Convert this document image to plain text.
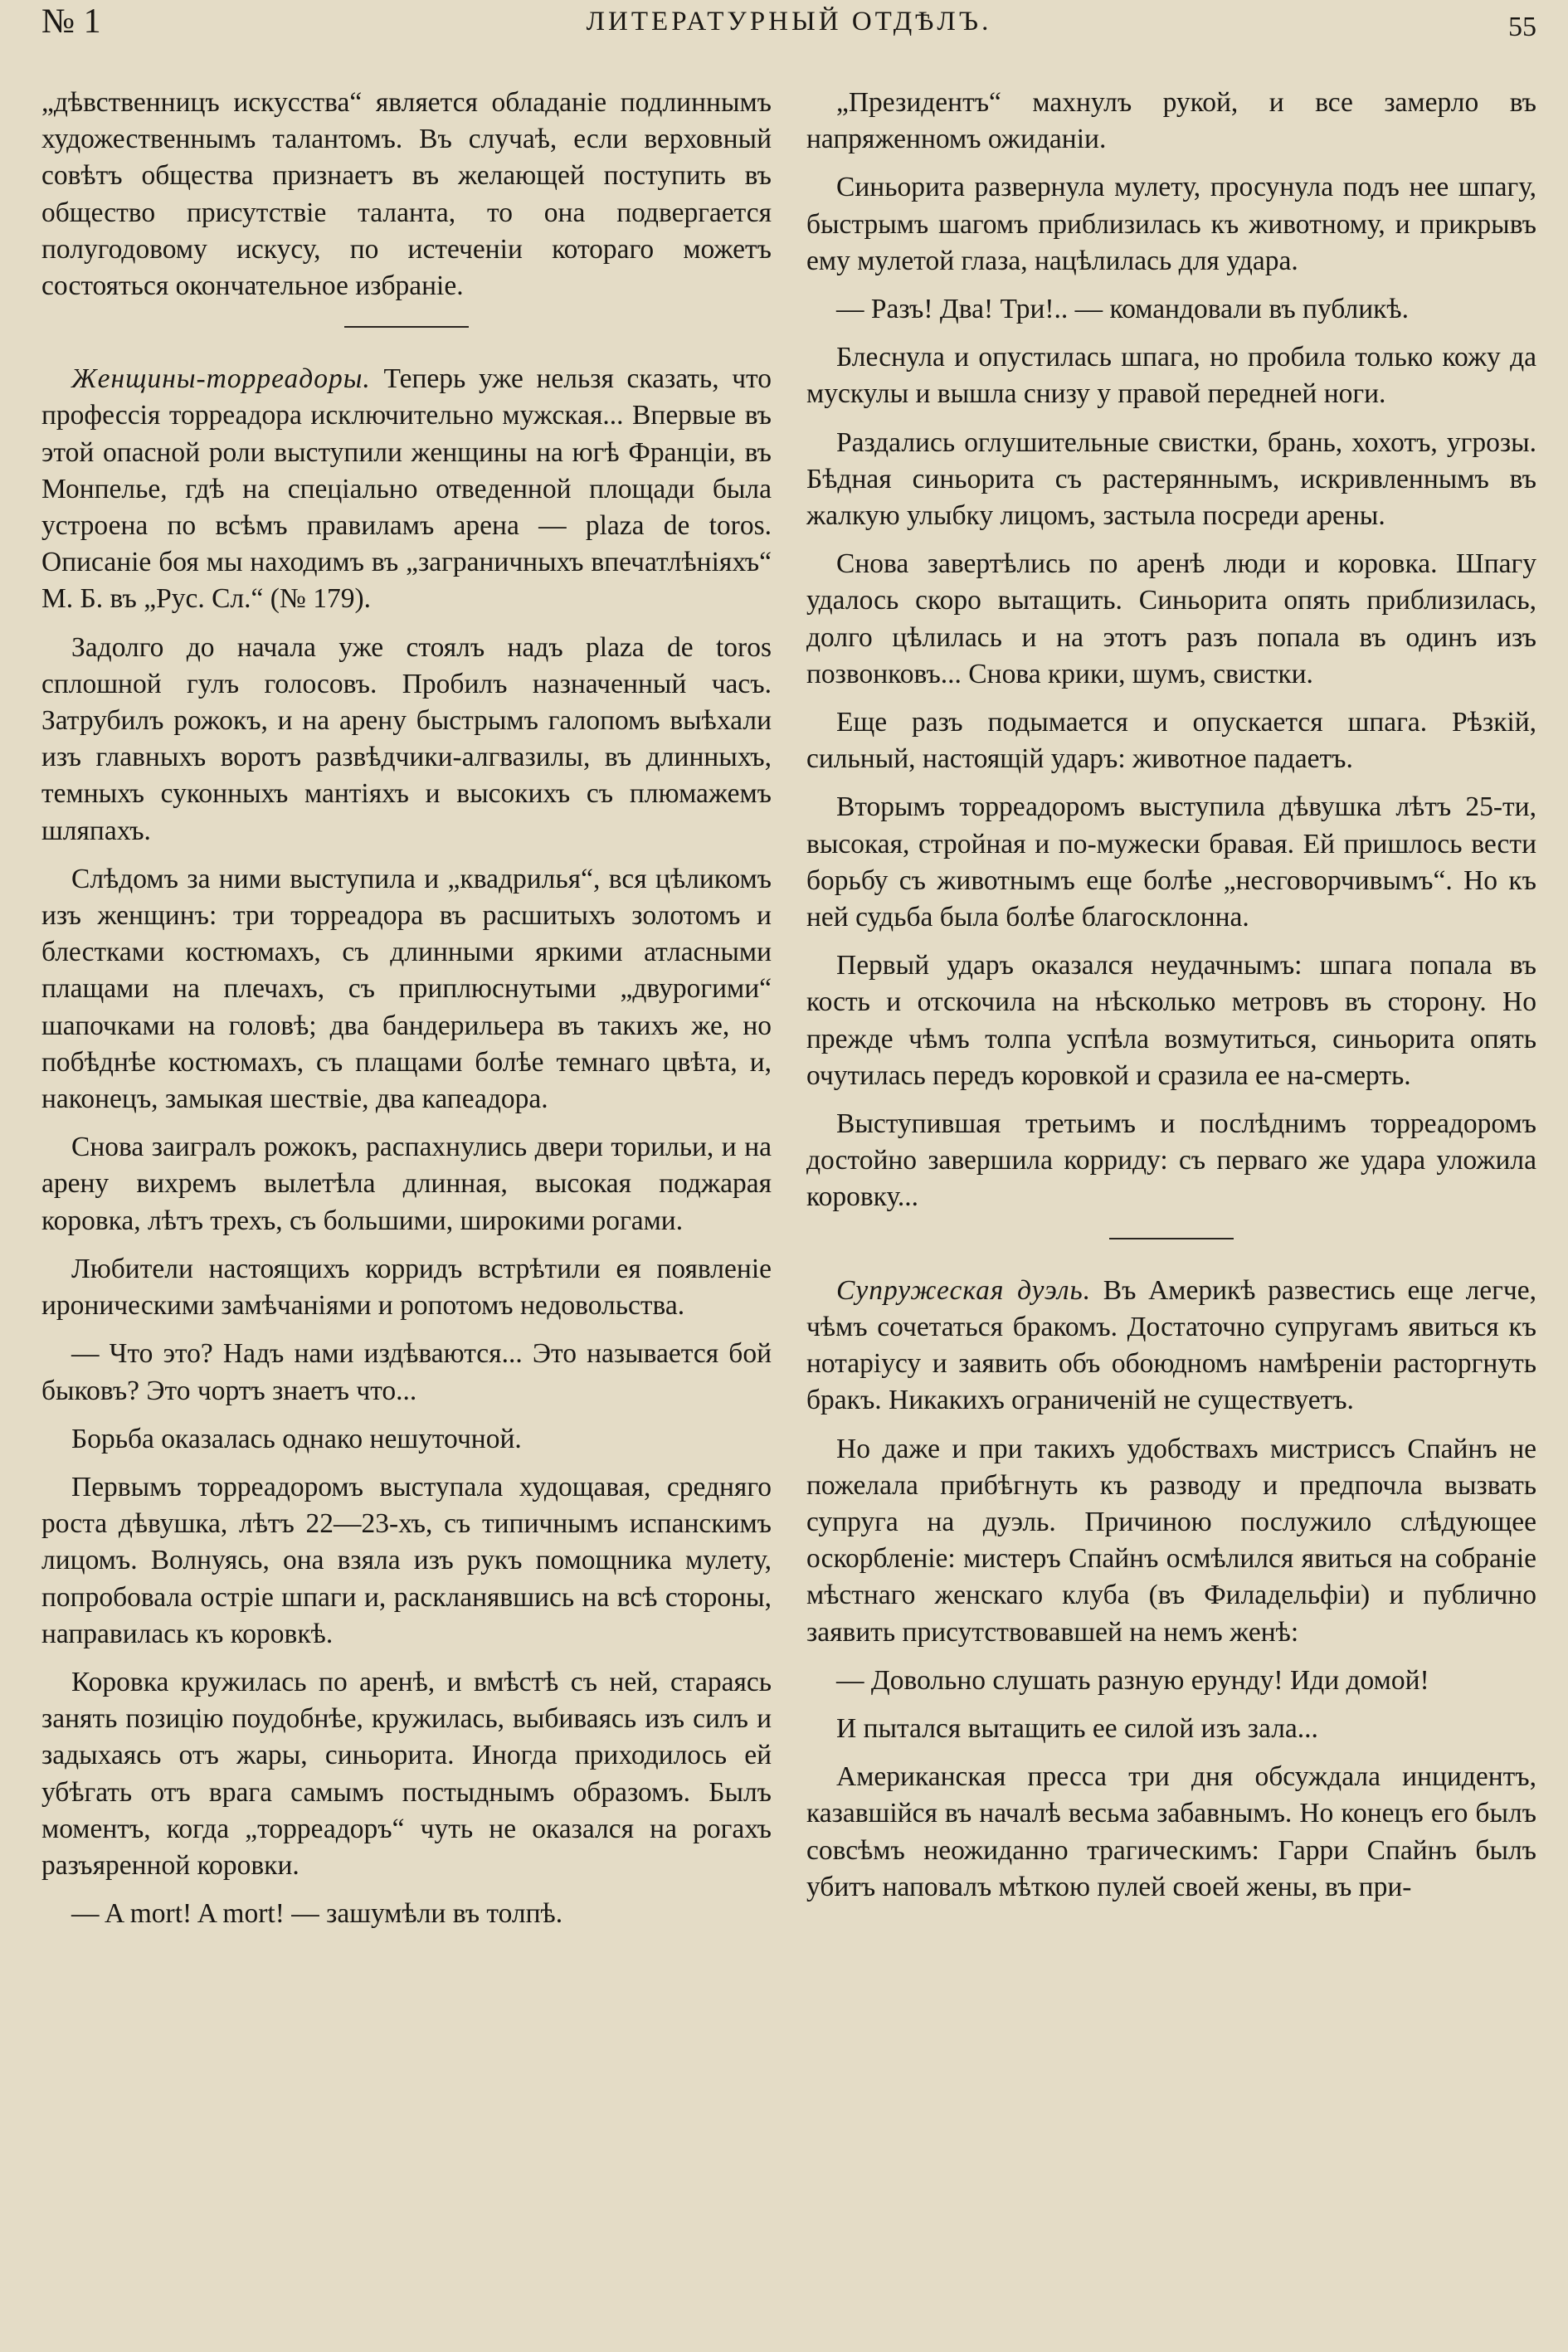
№ 1	ЛИТЕРАТУРНЫЙ ОТДѢЛЪ.	55

„дѣвственницъ искусства“ является обладаніе подлиннымъ художественнымъ талантомъ. Въ случаѣ, если верховный совѣтъ общества признаетъ въ желающей поступить въ общество присутствіе таланта, то она подвергается полугодовому искусу, по истеченіи котораго можетъ состояться окончательное избраніе.

Женщины-торреадоры. Теперь уже нельзя сказать, что профессія торреадора исключительно мужская... Впервые въ этой опасной роли выступили женщины на югѣ Франціи, въ Монпелье, гдѣ на спеціально отведенной площади была устроена по всѣмъ правиламъ арена — plaza de toros. Описаніе боя мы находимъ въ „заграничныхъ впечатлѣніяхъ“ М. Б. въ „Рус. Сл.“ (№ 179).

Задолго до начала уже стоялъ надъ plaza de toros сплошной гулъ голосовъ. Пробилъ назначенный часъ. Затрубилъ рожокъ, и на арену быстрымъ галопомъ выѣхали изъ главныхъ воротъ развѣдчики-алгвазилы, въ длинныхъ, темныхъ суконныхъ мантіяхъ и высокихъ съ плюмажемъ шляпахъ.

Слѣдомъ за ними выступила и „квадрилья“, вся цѣликомъ изъ женщинъ: три торреадора въ расшитыхъ золотомъ и блестками костюмахъ, съ длинными яркими атласными плащами на плечахъ, съ приплюснутыми „двурогими“ шапочками на головѣ; два бандерильера въ такихъ же, но побѣднѣе костюмахъ, съ плащами болѣе темнаго цвѣта, и, наконецъ, замыкая шествіе, два капеадора.

Снова заигралъ рожокъ, распахнулись двери торильи, и на арену вихремъ вылетѣла длинная, высокая поджарая коровка, лѣтъ трехъ, съ большими, широкими рогами.

Любители настоящихъ корридъ встрѣтили ея появленіе ироническими замѣчаніями и ропотомъ недовольства.

— Что это? Надъ нами издѣваются... Это называется бой быковъ? Это чортъ знаетъ что...

Борьба оказалась однако нешуточной.

Первымъ торреадоромъ выступала худощавая, средняго роста дѣвушка, лѣтъ 22—23-хъ, съ типичнымъ испанскимъ лицомъ. Волнуясь, она взяла изъ рукъ помощника мулету, попробовала остріе шпаги и, раскланявшись на всѣ стороны, направилась къ коровкѣ.

Коровка кружилась по аренѣ, и вмѣстѣ съ ней, стараясь занять позицію поудобнѣе, кружилась, выбиваясь изъ силъ и задыхаясь отъ жары, синьорита. Иногда приходилось ей убѣгать отъ врага самымъ постыднымъ образомъ. Былъ моментъ, когда „торреадоръ“ чуть не оказался на рогахъ разъяренной коровки.

— A mort! A mort! — зашумѣли въ толпѣ.

„Президентъ“ махнулъ рукой, и все замерло въ напряженномъ ожиданіи.

Синьорита развернула мулету, просунула подъ нее шпагу, быстрымъ шагомъ приблизилась къ животному, и прикрывъ ему мулетой глаза, нацѣлилась для удара.

— Разъ! Два! Три!.. — командовали въ публикѣ.

Блеснула и опустилась шпага, но пробила только кожу да мускулы и вышла снизу у правой передней ноги.

Раздались оглушительные свистки, брань, хохотъ, угрозы. Бѣдная синьорита съ растеряннымъ, искривленнымъ въ жалкую улыбку лицомъ, застыла посреди арены.

Снова завертѣлись по аренѣ люди и коровка. Шпагу удалось скоро вытащить. Синьорита опять приблизилась, долго цѣлилась и на этотъ разъ попала въ одинъ изъ позвонковъ... Снова крики, шумъ, свистки.

Еще разъ подымается и опускается шпага. Рѣзкій, сильный, настоящій ударъ: животное падаетъ.

Вторымъ торреадоромъ выступила дѣвушка лѣтъ 25-ти, высокая, стройная и по-мужески бравая. Ей пришлось вести борьбу съ животнымъ еще болѣе „несговорчивымъ“. Но къ ней судьба была болѣе благосклонна.

Первый ударъ оказался неудачнымъ: шпага попала въ кость и отскочила на нѣсколько метровъ въ сторону. Но прежде чѣмъ толпа успѣла возмутиться, синьорита опять очутилась передъ коровкой и сразила ее на-смерть.

Выступившая третьимъ и послѣднимъ торреадоромъ достойно завершила корриду: съ перваго же удара уложила коровку...

Супружеская дуэль. Въ Америкѣ развестись еще легче, чѣмъ сочетаться бракомъ. Достаточно супругамъ явиться къ нотаріусу и заявить объ обоюдномъ намѣреніи расторгнуть бракъ. Никакихъ ограниченій не существуетъ.

Но даже и при такихъ удобствахъ мистриссъ Спайнъ не пожелала прибѣгнуть къ разводу и предпочла вызвать супруга на дуэль. Причиною послужило слѣдующее оскорбленіе: мистеръ Спайнъ осмѣлился явиться на собраніе мѣстнаго женскаго клуба (въ Филадельфіи) и публично заявить присутствовавшей на немъ женѣ:

— Довольно слушать разную ерунду! Иди домой!

И пытался вытащить ее силой изъ зала...

Американская пресса три дня обсуждала инцидентъ, казавшійся въ началѣ весьма забавнымъ. Но конецъ его былъ совсѣмъ неожиданно трагическимъ: Гарри Спайнъ былъ убитъ наповалъ мѣткою пулей своей жены, въ при-
